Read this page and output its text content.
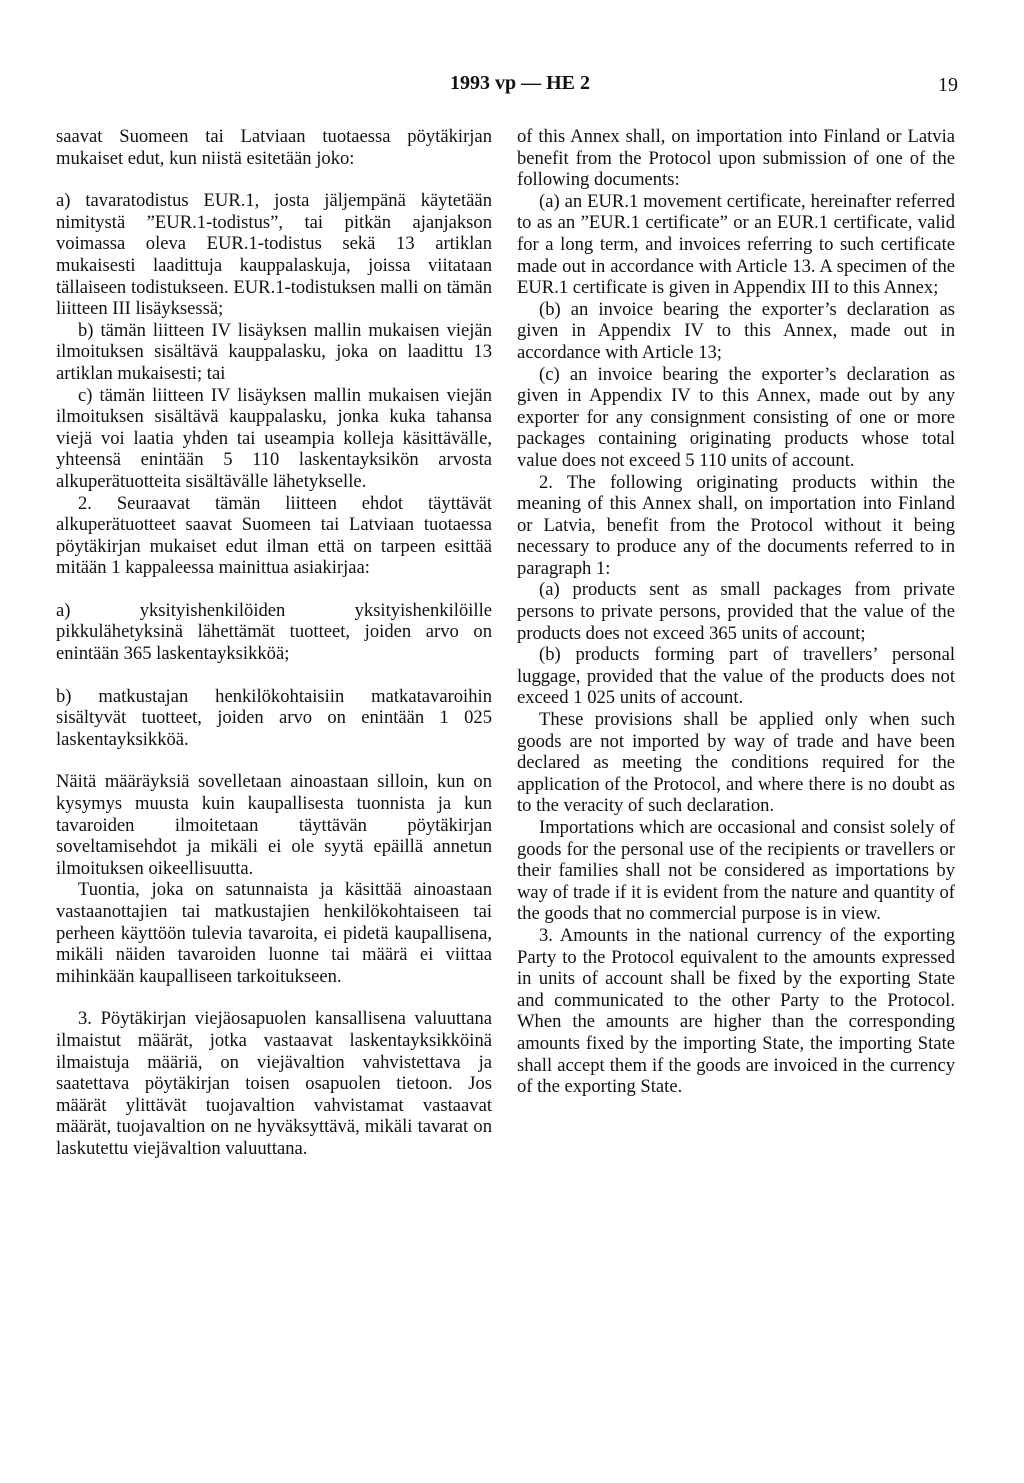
1993 vp — HE 2	19

saavat Suomeen tai Latviaan tuotaessa pöytäkirjan mukaiset edut, kun niistä esitetään joko:

a) tavaratodistus EUR.1, josta jäljempänä käytetään nimitystä ”EUR.1-todistus”, tai pitkän ajanjakson voimassa oleva EUR.1-todistus sekä 13 artiklan mukaisesti laadittuja kauppalaskuja, joissa viitataan tällaiseen todistukseen. EUR.1-todistuksen malli on tämän liitteen III lisäyksessä;

b) tämän liitteen IV lisäyksen mallin mukaisen viejän ilmoituksen sisältävä kauppalasku, joka on laadittu 13 artiklan mukaisesti; tai

c) tämän liitteen IV lisäyksen mallin mukaisen viejän ilmoituksen sisältävä kauppalasku, jonka kuka tahansa viejä voi laatia yhden tai useampia kolleja käsittävälle, yhteensä enintään 5 110 laskentayksikön arvosta alkuperätuotteita sisältävälle lähetykselle.

2. Seuraavat tämän liitteen ehdot täyttävät alkuperätuotteet saavat Suomeen tai Latviaan tuotaessa pöytäkirjan mukaiset edut ilman että on tarpeen esittää mitään 1 kappaleessa mainittua asiakirjaa:

a) yksityishenkilöiden yksityishenkilöille pikkulähetyksinä lähettämät tuotteet, joiden arvo on enintään 365 laskentayksikköä;

b) matkustajan henkilökohtaisiin matkatavaroihin sisältyvät tuotteet, joiden arvo on enintään 1 025 laskentayksikköä.

Näitä määräyksiä sovelletaan ainoastaan silloin, kun on kysymys muusta kuin kaupallisesta tuonnista ja kun tavaroiden ilmoitetaan täyttävän pöytäkirjan soveltamisehdot ja mikäli ei ole syytä epäillä annetun ilmoituksen oikeellisuutta.

Tuontia, joka on satunnaista ja käsittää ainoastaan vastaanottajien tai matkustajien henkilökohtaiseen tai perheen käyttöön tulevia tavaroita, ei pidetä kaupallisena, mikäli näiden tavaroiden luonne tai määrä ei viittaa mihinkään kaupalliseen tarkoitukseen.

3. Pöytäkirjan viejäosapuolen kansallisena valuuttana ilmaistut määrät, jotka vastaavat laskentayksikköinä ilmaistuja määriä, on viejävaltion vahvistettava ja saatettava pöytäkirjan toisen osapuolen tietoon. Jos määrät ylittävät tuojavaltion vahvistamat vastaavat määrät, tuojavaltion on ne hyväksyttävä, mikäli tavarat on laskutettu viejävaltion valuuttana.

of this Annex shall, on importation into Finland or Latvia benefit from the Protocol upon submission of one of the following documents:

(a) an EUR.1 movement certificate, hereinafter referred to as an ”EUR.1 certificate” or an EUR.1 certificate, valid for a long term, and invoices referring to such certificate made out in accordance with Article 13. A specimen of the EUR.1 certificate is given in Appendix III to this Annex;

(b) an invoice bearing the exporter’s declaration as given in Appendix IV to this Annex, made out in accordance with Article 13;

(c) an invoice bearing the exporter’s declaration as given in Appendix IV to this Annex, made out by any exporter for any consignment consisting of one or more packages containing originating products whose total value does not exceed 5 110 units of account.

2. The following originating products within the meaning of this Annex shall, on importation into Finland or Latvia, benefit from the Protocol without it being necessary to produce any of the documents referred to in paragraph 1:

(a) products sent as small packages from private persons to private persons, provided that the value of the products does not exceed 365 units of account;

(b) products forming part of travellers’ personal luggage, provided that the value of the products does not exceed 1 025 units of account.

These provisions shall be applied only when such goods are not imported by way of trade and have been declared as meeting the conditions required for the application of the Protocol, and where there is no doubt as to the veracity of such declaration.

Importations which are occasional and consist solely of goods for the personal use of the recipients or travellers or their families shall not be considered as importations by way of trade if it is evident from the nature and quantity of the goods that no commercial purpose is in view.

3. Amounts in the national currency of the exporting Party to the Protocol equivalent to the amounts expressed in units of account shall be fixed by the exporting State and communicated to the other Party to the Protocol. When the amounts are higher than the corresponding amounts fixed by the importing State, the importing State shall accept them if the goods are invoiced in the currency of the exporting State.
